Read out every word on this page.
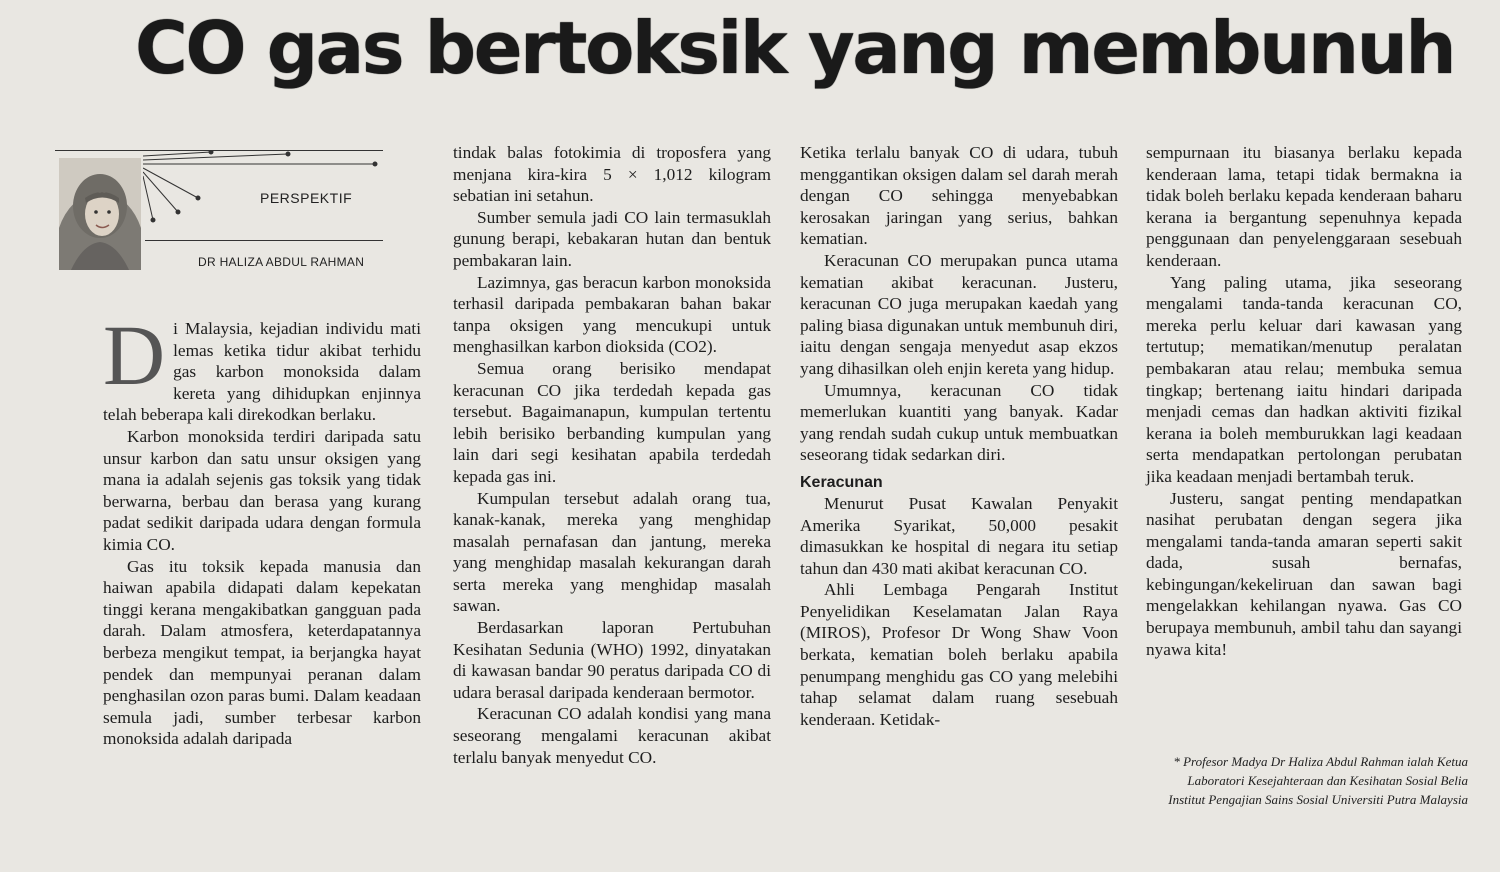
CO gas bertoksik yang membunuh
PERSPEKTIF
DR HALIZA ABDUL RAHMAN

Di Malaysia, kejadian individu mati lemas ketika tidur akibat terhidu gas karbon monoksida dalam kereta yang dihidupkan enjinnya telah beberapa kali direkodkan berlaku.

Karbon monoksida terdiri daripada satu unsur karbon dan satu unsur oksigen yang mana ia adalah sejenis gas toksik yang tidak berwarna, berbau dan berasa yang kurang padat sedikit daripada udara dengan formula kimia CO.

Gas itu toksik kepada manusia dan haiwan apabila didapati dalam kepekatan tinggi kerana mengakibatkan gangguan pada darah. Dalam atmosfera, keterdapatannya berbeza mengikut tempat, ia berjangka hayat pendek dan mempunyai peranan dalam penghasilan ozon paras bumi. Dalam keadaan semula jadi, sumber terbesar karbon monoksida adalah daripada

tindak balas fotokimia di troposfera yang menjana kira-kira 5 × 1,012 kilogram sebatian ini setahun.

Sumber semula jadi CO lain termasuklah gunung berapi, kebakaran hutan dan bentuk pembakaran lain.

Lazimnya, gas beracun karbon monoksida terhasil daripada pembakaran bahan bakar tanpa oksigen yang mencukupi untuk menghasilkan karbon dioksida (CO2).

Semua orang berisiko mendapat keracunan CO jika terdedah kepada gas tersebut. Bagaimanapun, kumpulan tertentu lebih berisiko berbanding kumpulan yang lain dari segi kesihatan apabila terdedah kepada gas ini.

Kumpulan tersebut adalah orang tua, kanak-kanak, mereka yang menghidap masalah pernafasan dan jantung, mereka yang menghidap masalah kekurangan darah serta mereka yang menghidap masalah sawan.

Berdasarkan laporan Pertubuhan Kesihatan Sedunia (WHO) 1992, dinyatakan di kawasan bandar 90 peratus daripada CO di udara berasal daripada kenderaan bermotor.

Keracunan CO adalah kondisi yang mana seseorang mengalami keracunan akibat terlalu banyak menyedut CO.

Ketika terlalu banyak CO di udara, tubuh menggantikan oksigen dalam sel darah merah dengan CO sehingga menyebabkan kerosakan jaringan yang serius, bahkan kematian.

Keracunan CO merupakan punca utama kematian akibat keracunan. Justeru, keracunan CO juga merupakan kaedah yang paling biasa digunakan untuk membunuh diri, iaitu dengan sengaja menyedut asap ekzos yang dihasilkan oleh enjin kereta yang hidup.

Umumnya, keracunan CO tidak memerlukan kuantiti yang banyak. Kadar yang rendah sudah cukup untuk membuatkan seseorang tidak sedarkan diri.

Keracunan

Menurut Pusat Kawalan Penyakit Amerika Syarikat, 50,000 pesakit dimasukkan ke hospital di negara itu setiap tahun dan 430 mati akibat keracunan CO.

Ahli Lembaga Pengarah Institut Penyelidikan Keselamatan Jalan Raya (MIROS), Profesor Dr Wong Shaw Voon berkata, kematian boleh berlaku apabila penumpang menghidu gas CO yang melebihi tahap selamat dalam ruang sesebuah kenderaan. Ketidak-

sempurnaan itu biasanya berlaku kepada kenderaan lama, tetapi tidak bermakna ia tidak boleh berlaku kepada kenderaan baharu kerana ia bergantung sepenuhnya kepada penggunaan dan penyelenggaraan sesebuah kenderaan.

Yang paling utama, jika seseorang mengalami tanda-tanda keracunan CO, mereka perlu keluar dari kawasan yang tertutup; mematikan/menutup peralatan pembakaran atau relau; membuka semua tingkap; bertenang iaitu hindari daripada menjadi cemas dan hadkan aktiviti fizikal kerana ia boleh memburukkan lagi keadaan serta mendapatkan pertolongan perubatan jika keadaan menjadi bertambah teruk.

Justeru, sangat penting mendapatkan nasihat perubatan dengan segera jika mengalami tanda-tanda amaran seperti sakit dada, susah bernafas, kebingungan/kekeliruan dan sawan bagi mengelakkan kehilangan nyawa. Gas CO berupaya membunuh, ambil tahu dan sayangi nyawa kita!

* Profesor Madya Dr Haliza Abdul Rahman ialah Ketua Laboratori Kesejahteraan dan Kesihatan Sosial Belia Institut Pengajian Sains Sosial Universiti Putra Malaysia
